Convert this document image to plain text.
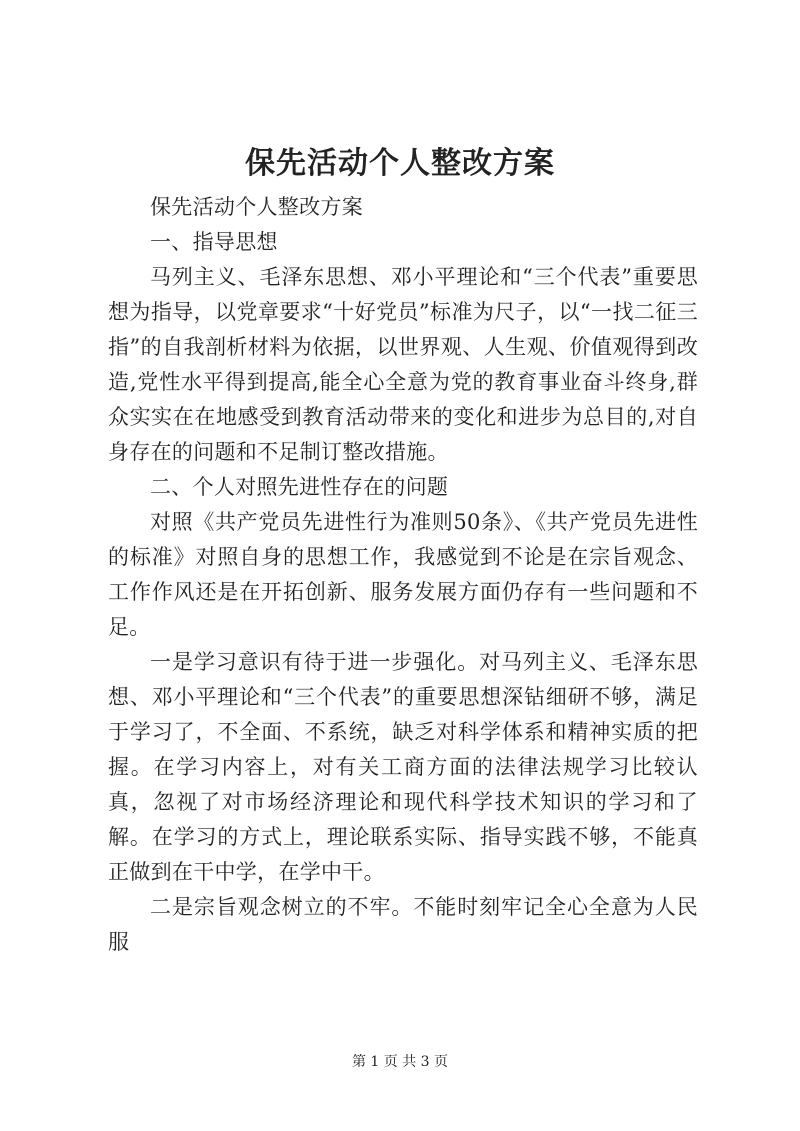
保先活动个人整改方案

保先活动个人整改方案

一、指导思想

马列主义、毛泽东思想、邓小平理论和“三个代表”重要思想为指导，以党章要求“十好党员”标准为尺子，以“一找二征三指”的自我剖析材料为依据，以世界观、人生观、价值观得到改造,党性水平得到提高,能全心全意为党的教育事业奋斗终身,群众实实在在地感受到教育活动带来的变化和进步为总目的,对自身存在的问题和不足制订整改措施。

二、个人对照先进性存在的问题

对照《共产党员先进性行为准则50条》、《共产党员先进性的标准》对照自身的思想工作，我感觉到不论是在宗旨观念、工作作风还是在开拓创新、服务发展方面仍存有一些问题和不足。

一是学习意识有待于进一步强化。对马列主义、毛泽东思想、邓小平理论和“三个代表”的重要思想深钻细研不够，满足于学习了，不全面、不系统，缺乏对科学体系和精神实质的把握。在学习内容上，对有关工商方面的法律法规学习比较认真，忽视了对市场经济理论和现代科学技术知识的学习和了解。在学习的方式上，理论联系实际、指导实践不够，不能真正做到在干中学，在学中干。

二是宗旨观念树立的不牢。不能时刻牢记全心全意为人民服

第 1 页 共 3 页
